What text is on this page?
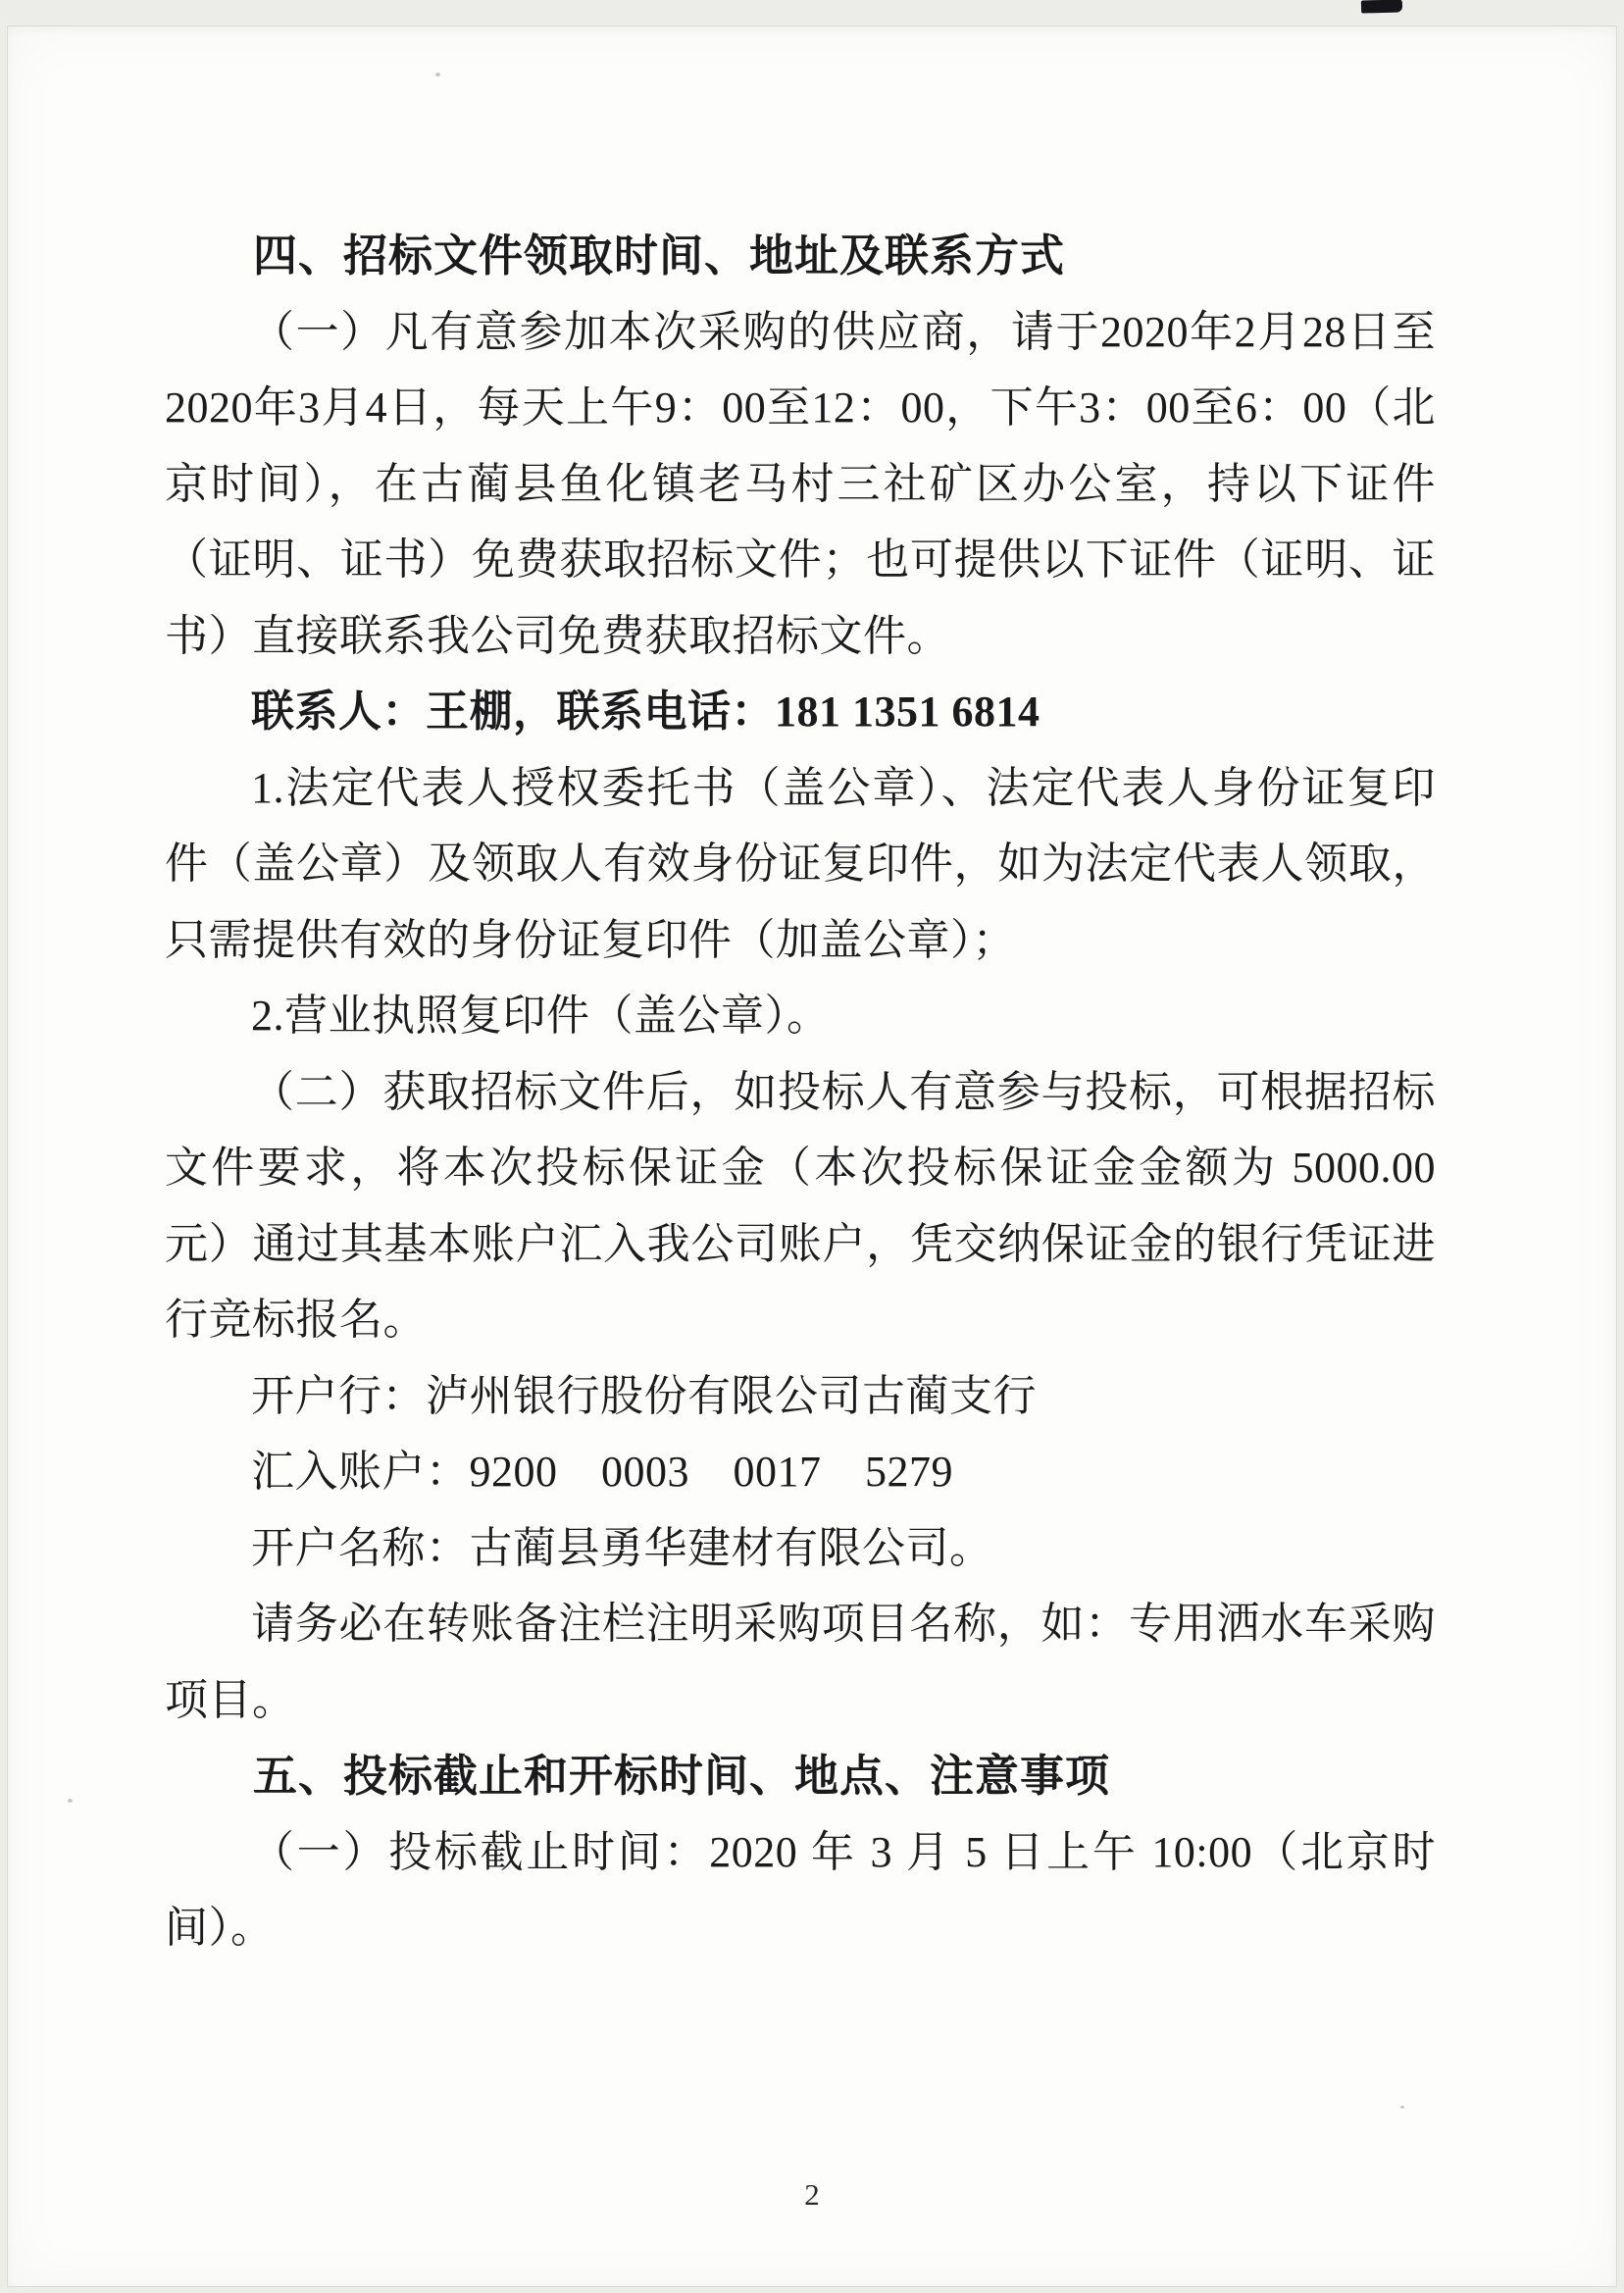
四、招标文件领取时间、地址及联系方式

（一）凡有意参加本次采购的供应商，请于2020年2月28日至2020年3月4日，每天上午9：00至12：00，下午3：00至6：00（北京时间），在古蔺县鱼化镇老马村三社矿区办公室，持以下证件（证明、证书）免费获取招标文件；也可提供以下证件（证明、证书）直接联系我公司免费获取招标文件。

联系人：王棚，联系电话：181 1351 6814

1.法定代表人授权委托书（盖公章）、法定代表人身份证复印件（盖公章）及领取人有效身份证复印件，如为法定代表人领取，只需提供有效的身份证复印件（加盖公章）；

2.营业执照复印件（盖公章）。

（二）获取招标文件后，如投标人有意参与投标，可根据招标文件要求，将本次投标保证金（本次投标保证金金额为 5000.00 元）通过其基本账户汇入我公司账户，凭交纳保证金的银行凭证进行竞标报名。

开户行：泸州银行股份有限公司古蔺支行

汇入账户：9200　0003　0017　5279

开户名称：古蔺县勇华建材有限公司。

请务必在转账备注栏注明采购项目名称，如：专用洒水车采购项目。

五、投标截止和开标时间、地点、注意事项

（一）投标截止时间：2020 年 3 月 5 日上午 10:00（北京时间）。

2
